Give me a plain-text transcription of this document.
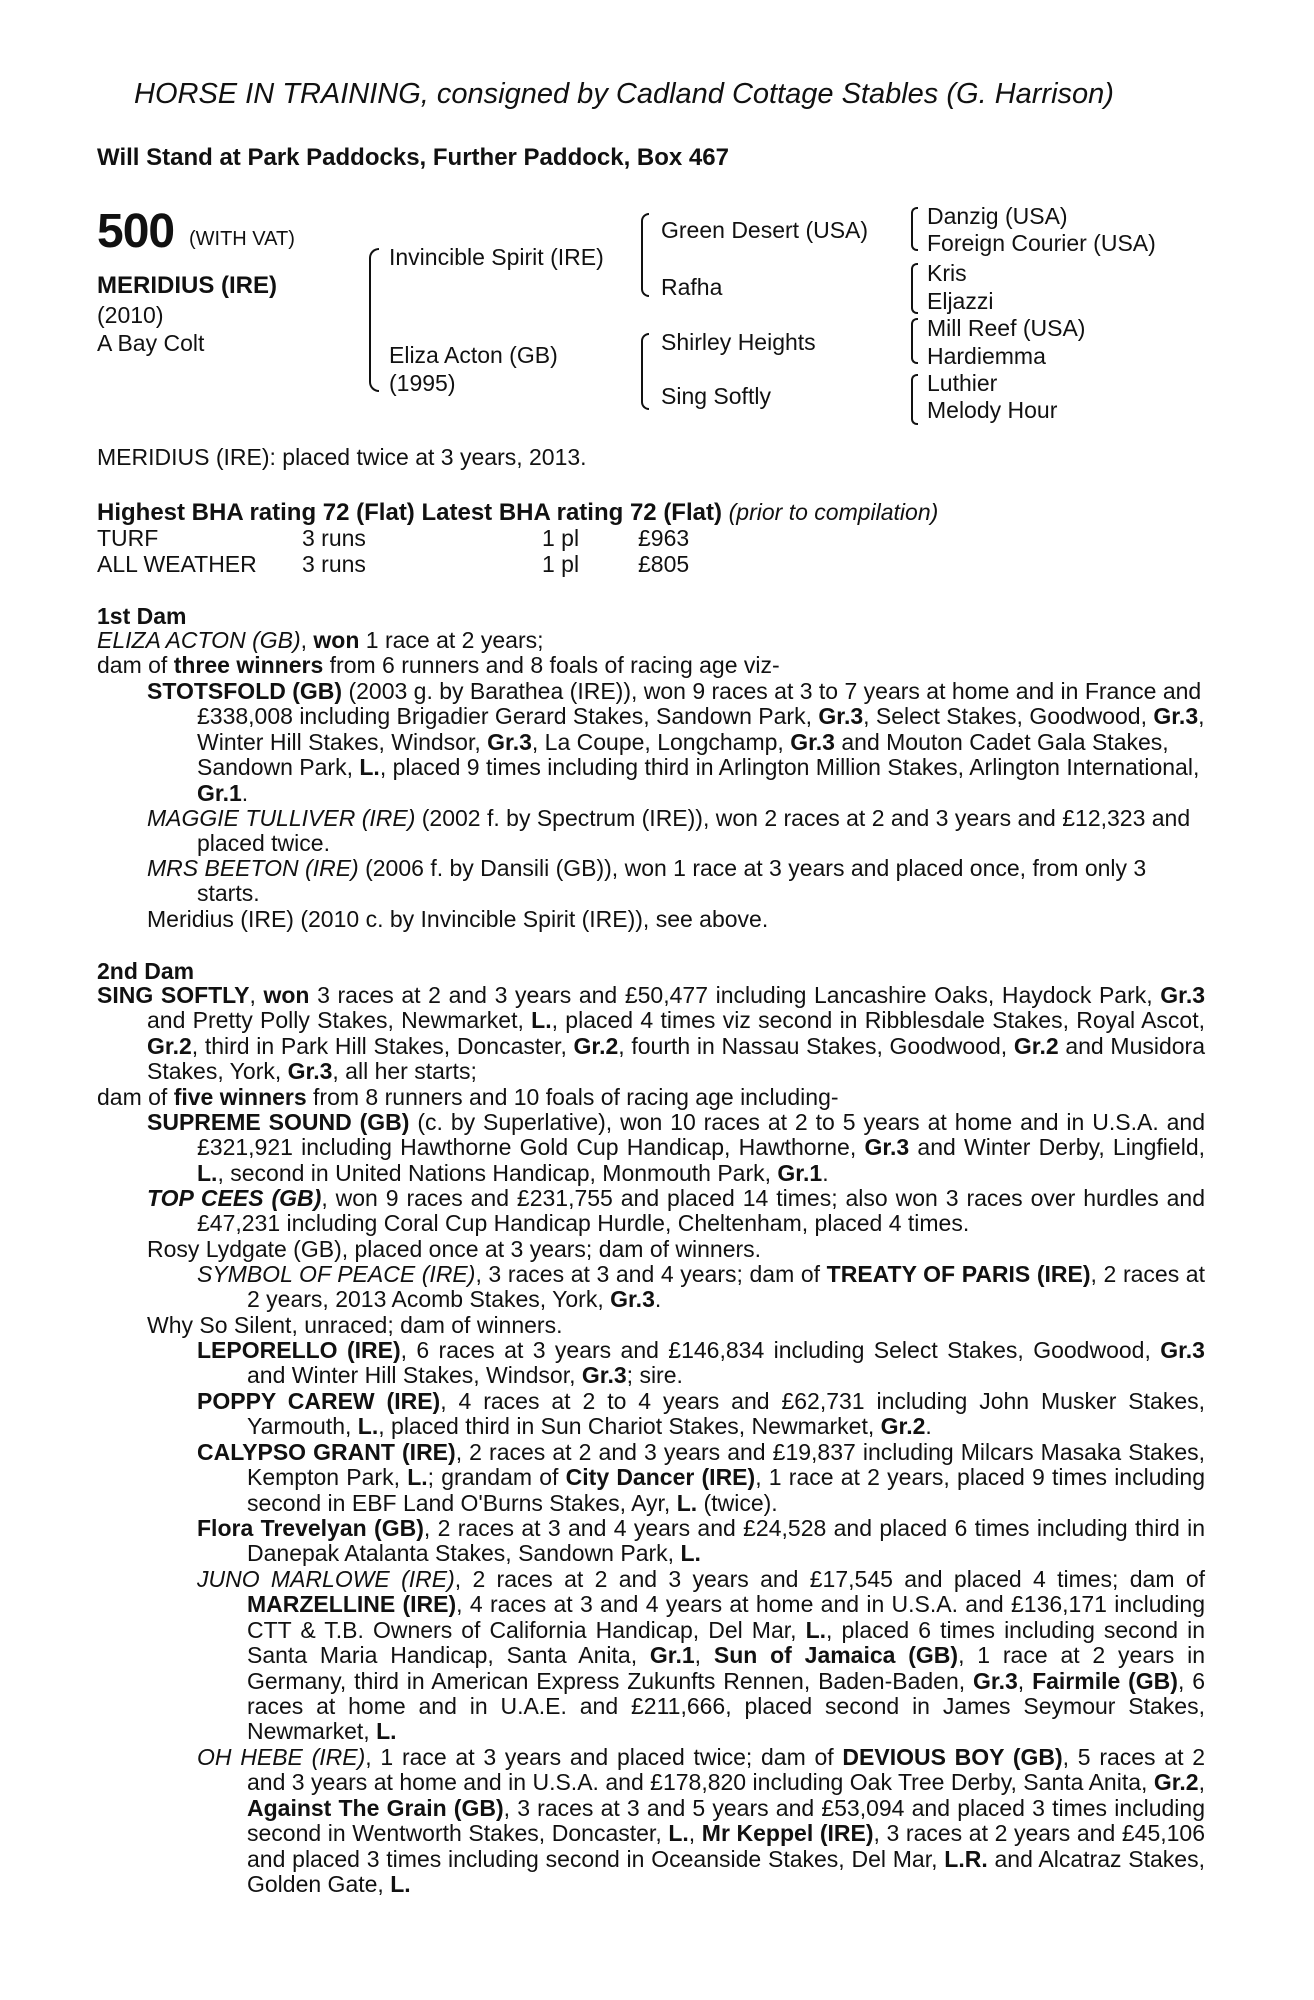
HORSE IN TRAINING, consigned by Cadland Cottage Stables (G. Harrison)
Will Stand at Park Paddocks, Further Paddock, Box 467
500 (WITH VAT)
MERIDIUS (IRE)
(2010)
A Bay Colt
Invincible Spirit (IRE)
Eliza Acton (GB)
(1995)
Green Desert (USA)
Rafha
Shirley Heights
Sing Softly
Danzig (USA)
Foreign Courier (USA)
Kris
Eljazzi
Mill Reef (USA)
Hardiemma
Luthier
Melody Hour
MERIDIUS (IRE): placed twice at 3 years, 2013.
Highest BHA rating 72 (Flat) Latest BHA rating 72 (Flat) (prior to compilation)
TURF	3 runs	1 pl	£963
ALL WEATHER 3 runs	1 pl	£805
1st Dam
ELIZA ACTON (GB), won 1 race at 2 years;
dam of three winners from 6 runners and 8 foals of racing age viz-
STOTSFOLD (GB) (2003 g. by Barathea (IRE)), won 9 races at 3 to 7 years at home and in France and £338,008 including Brigadier Gerard Stakes, Sandown Park, Gr.3, Select Stakes, Goodwood, Gr.3, Winter Hill Stakes, Windsor, Gr.3, La Coupe, Longchamp, Gr.3 and Mouton Cadet Gala Stakes, Sandown Park, L., placed 9 times including third in Arlington Million Stakes, Arlington International, Gr.1.
MAGGIE TULLIVER (IRE) (2002 f. by Spectrum (IRE)), won 2 races at 2 and 3 years and £12,323 and placed twice.
MRS BEETON (IRE) (2006 f. by Dansili (GB)), won 1 race at 3 years and placed once, from only 3 starts.
Meridius (IRE) (2010 c. by Invincible Spirit (IRE)), see above.
2nd Dam
SING SOFTLY, won 3 races at 2 and 3 years and £50,477 including Lancashire Oaks, Haydock Park, Gr.3 and Pretty Polly Stakes, Newmarket, L., placed 4 times viz second in Ribblesdale Stakes, Royal Ascot, Gr.2, third in Park Hill Stakes, Doncaster, Gr.2, fourth in Nassau Stakes, Goodwood, Gr.2 and Musidora Stakes, York, Gr.3, all her starts;
dam of five winners from 8 runners and 10 foals of racing age including-
SUPREME SOUND (GB) (c. by Superlative), won 10 races at 2 to 5 years at home and in U.S.A. and £321,921 including Hawthorne Gold Cup Handicap, Hawthorne, Gr.3 and Winter Derby, Lingfield, L., second in United Nations Handicap, Monmouth Park, Gr.1.
TOP CEES (GB), won 9 races and £231,755 and placed 14 times; also won 3 races over hurdles and £47,231 including Coral Cup Handicap Hurdle, Cheltenham, placed 4 times.
Rosy Lydgate (GB), placed once at 3 years; dam of winners.
SYMBOL OF PEACE (IRE), 3 races at 3 and 4 years; dam of TREATY OF PARIS (IRE), 2 races at 2 years, 2013 Acomb Stakes, York, Gr.3.
Why So Silent, unraced; dam of winners.
LEPORELLO (IRE), 6 races at 3 years and £146,834 including Select Stakes, Goodwood, Gr.3 and Winter Hill Stakes, Windsor, Gr.3; sire.
POPPY CAREW (IRE), 4 races at 2 to 4 years and £62,731 including John Musker Stakes, Yarmouth, L., placed third in Sun Chariot Stakes, Newmarket, Gr.2.
CALYPSO GRANT (IRE), 2 races at 2 and 3 years and £19,837 including Milcars Masaka Stakes, Kempton Park, L.; grandam of City Dancer (IRE), 1 race at 2 years, placed 9 times including second in EBF Land O'Burns Stakes, Ayr, L. (twice).
Flora Trevelyan (GB), 2 races at 3 and 4 years and £24,528 and placed 6 times including third in Danepak Atalanta Stakes, Sandown Park, L.
JUNO MARLOWE (IRE), 2 races at 2 and 3 years and £17,545 and placed 4 times; dam of MARZELLINE (IRE), 4 races at 3 and 4 years at home and in U.S.A. and £136,171 including CTT & T.B. Owners of California Handicap, Del Mar, L., placed 6 times including second in Santa Maria Handicap, Santa Anita, Gr.1, Sun of Jamaica (GB), 1 race at 2 years in Germany, third in American Express Zukunfts Rennen, Baden-Baden, Gr.3, Fairmile (GB), 6 races at home and in U.A.E. and £211,666, placed second in James Seymour Stakes, Newmarket, L.
OH HEBE (IRE), 1 race at 3 years and placed twice; dam of DEVIOUS BOY (GB), 5 races at 2 and 3 years at home and in U.S.A. and £178,820 including Oak Tree Derby, Santa Anita, Gr.2, Against The Grain (GB), 3 races at 3 and 5 years and £53,094 and placed 3 times including second in Wentworth Stakes, Doncaster, L., Mr Keppel (IRE), 3 races at 2 years and £45,106 and placed 3 times including second in Oceanside Stakes, Del Mar, L.R. and Alcatraz Stakes, Golden Gate, L.
